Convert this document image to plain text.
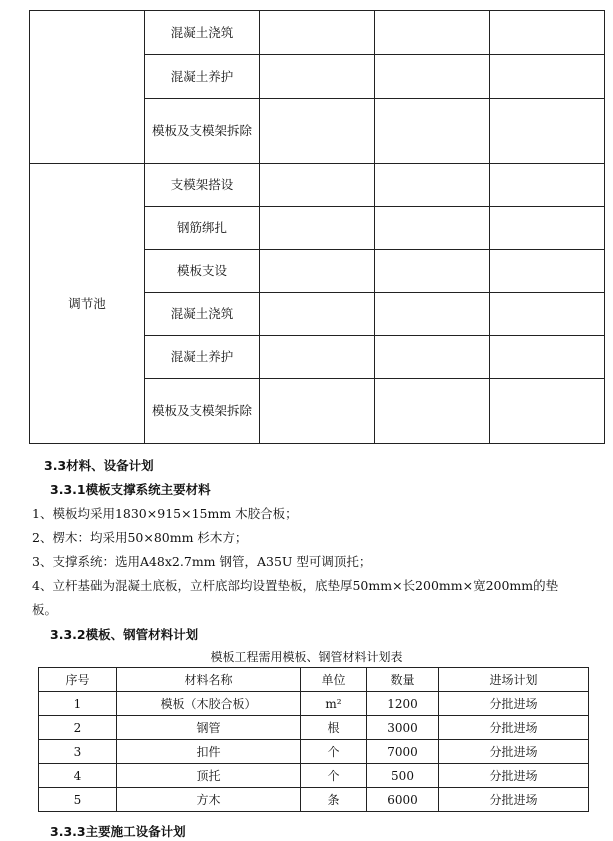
	混凝土浇筑			
	混凝土养护			
	模板及支模架拆除			
调节池	支模架搭设			
	钢筋绑扎			
	模板支设			
	混凝土浇筑			
	混凝土养护			
	模板及支模架拆除			
3.3材料、设备计划
3.3.1模板支撑系统主要材料
1、模板均采用1830×915×15mm 木胶合板；
2、楞木：均采用50×80mm 杉木方；
3、支撑系统：选用A48x2.7mm 钢管，A35U 型可调顶托；
4、立杆基础为混凝土底板，立杆底部均设置垫板，底垫厚50mm×长200mm×宽200mm的垫
板。
3.3.2模板、钢管材料计划
模板工程需用模板、钢管材料计划表
序号	材料名称	单位	数量	进场计划
1	模板（木胶合板）	m²	1200	分批进场
2	钢管	根	3000	分批进场
3	扣件	个	7000	分批进场
4	顶托	个	500	分批进场
5	方木	条	6000	分批进场
3.3.3主要施工设备计划
